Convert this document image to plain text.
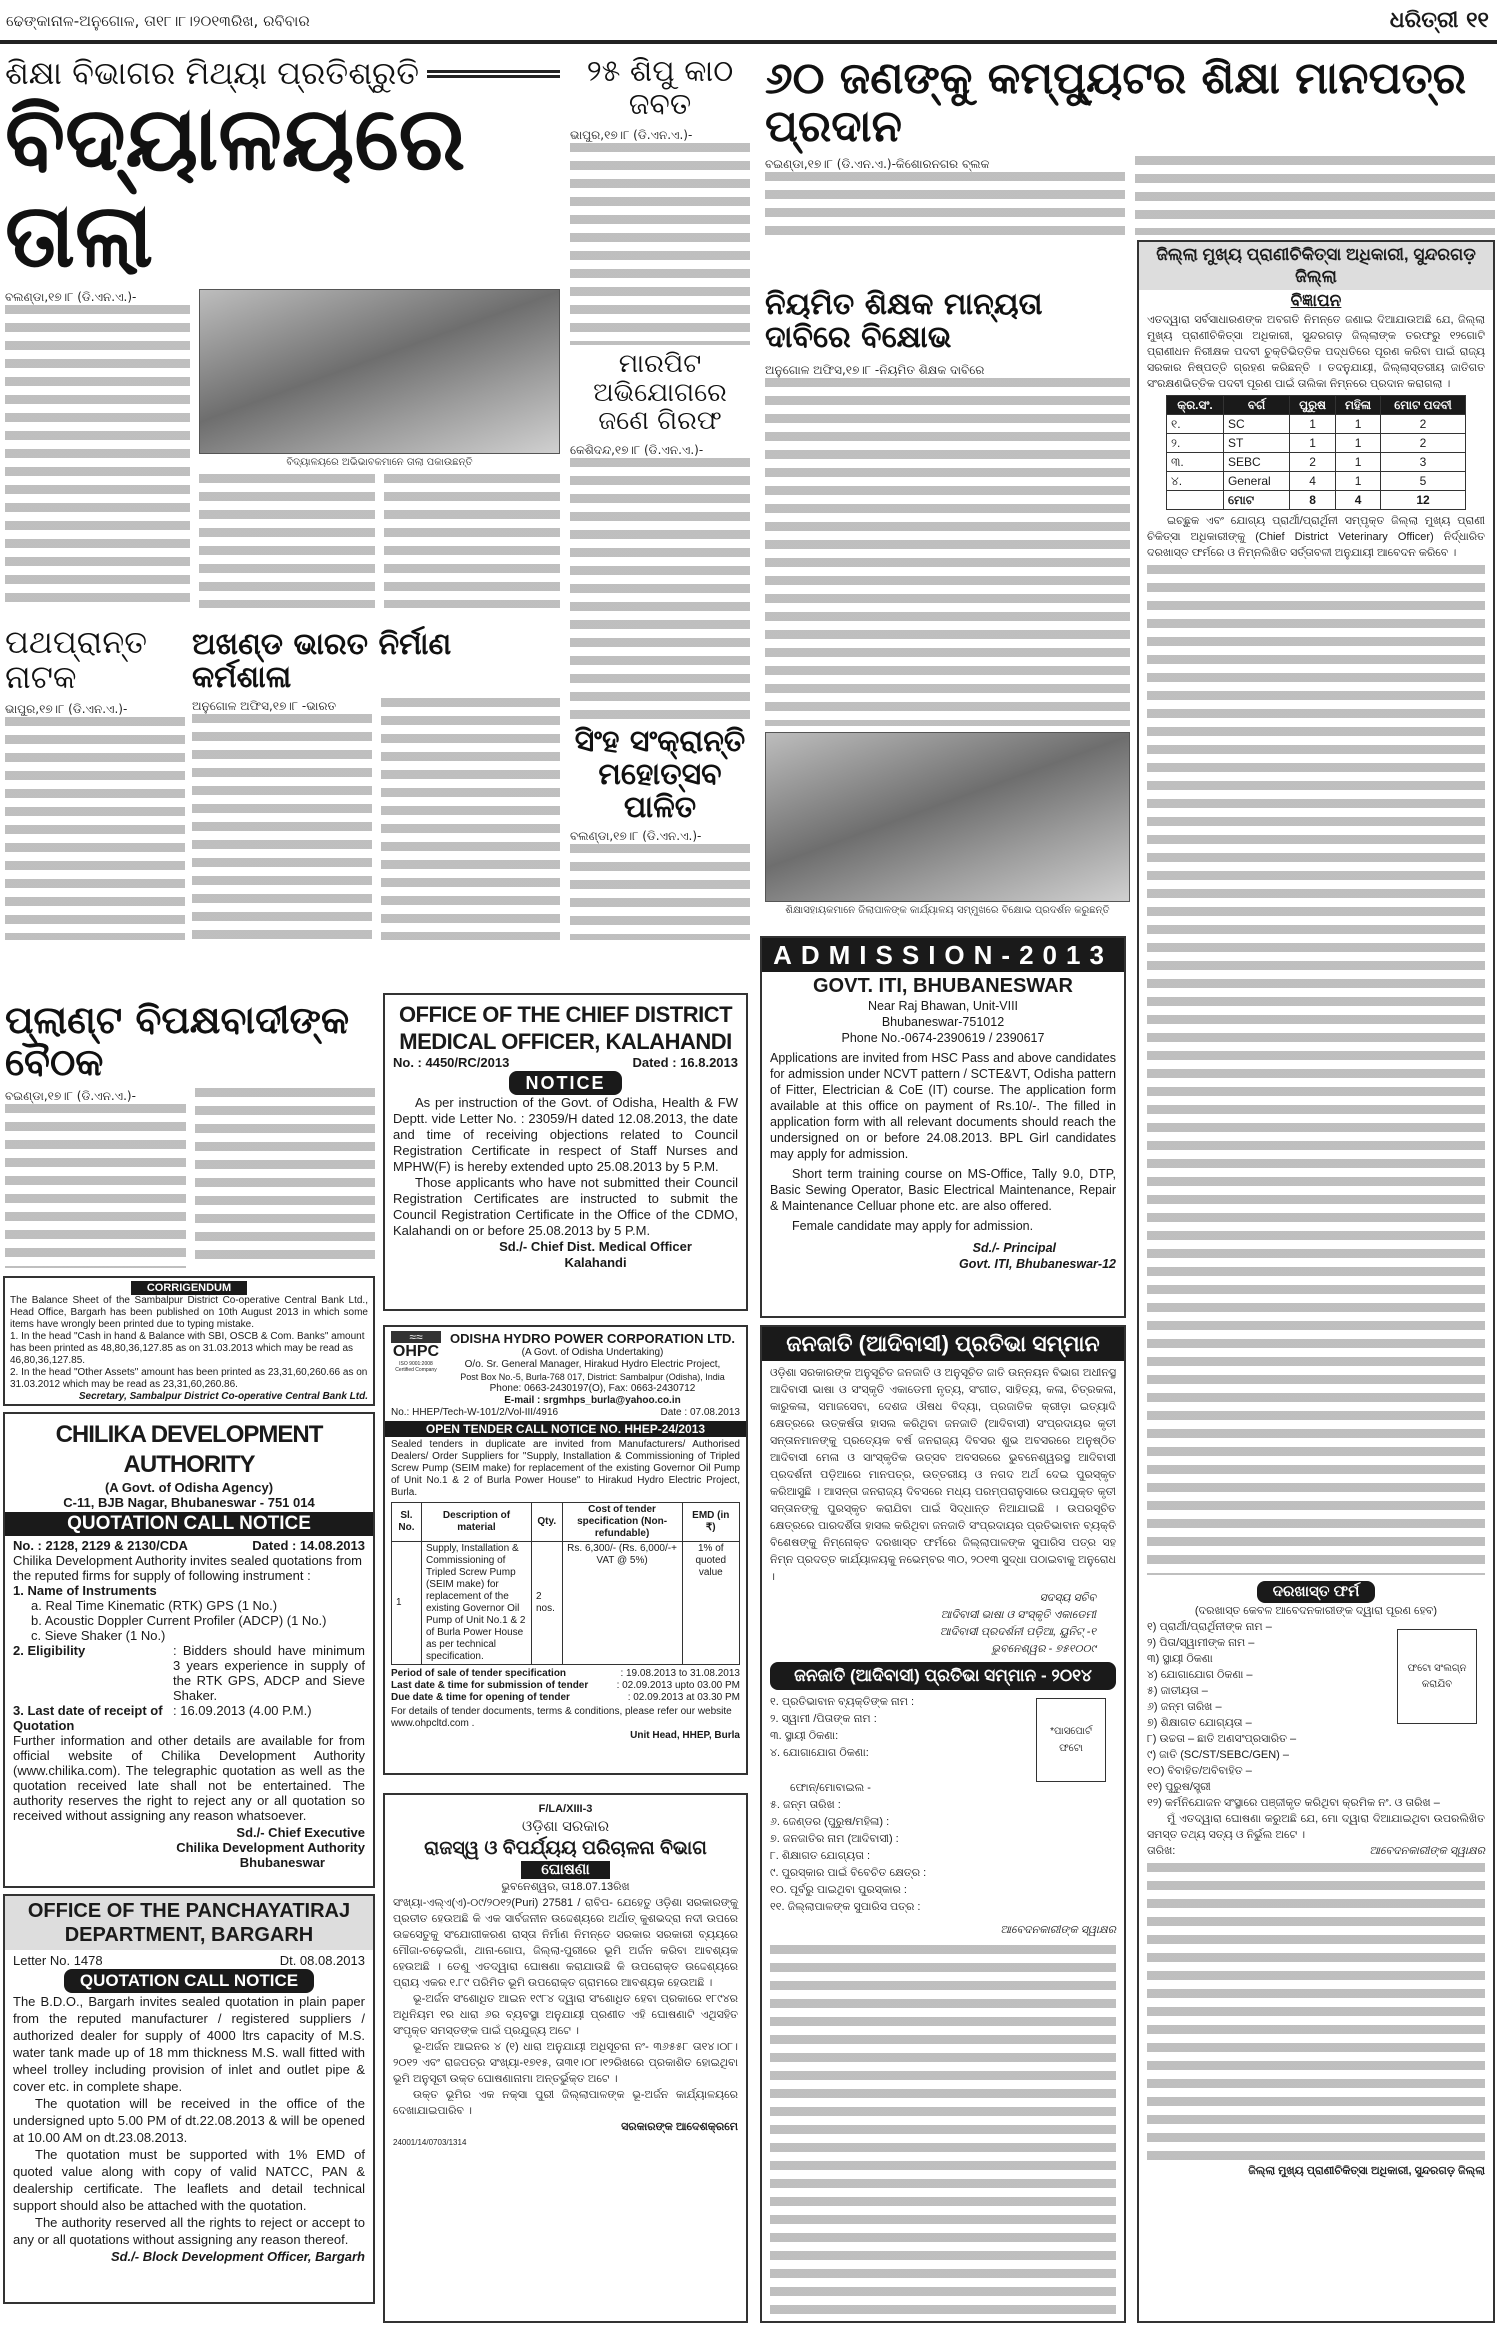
ଢେଙ୍କାନାଳ-ଅନୁଗୋଳ, ତା୧୮।୮।୨୦୧୩ରିଖ, ରବିବାର	ଧରିତ୍ରୀ ୧୧
ଶିକ୍ଷା ବିଭାଗର ମିଥ୍ୟା ପ୍ରତିଶ୍ରୁତି
ବିଦ୍ୟାଳୟରେ ତାଲା
ବଲଣ୍ଡା,୧୭।୮ (ଡି.ଏନ.ଏ.)-
ବିଦ୍ୟାଳୟରେ ଅଭିଭାବକମାନେ ତାଲା ପକାଉଛନ୍ତି
୨୫ ଶିପୁ କାଠ ଜବତ
ଭାପୁର,୧୭।୮ (ଡି.ଏନ.ଏ.)-
ମାରପିଟ ଅଭିଯୋଗରେ ଜଣେ ଗିରଫ
କେଶିଦନ୍ଦ,୧୭।୮ (ଡି.ଏନ.ଏ.)-
ପଥପ୍ରାନ୍ତ ନାଟକ
ଭାପୁର,୧୭।୮ (ଡି.ଏନ.ଏ.)-
ଅଖଣ୍ଡ ଭାରତ ନିର୍ମାଣ କର୍ମଶାଳା
ଅନୁଗୋଳ ଅଫିସ,୧୭।୮ -ଭାରତ
ସିଂହ ସଂକ୍ରାନ୍ତି ମହୋତ୍ସବ ପାଳିତ
ବଲଣ୍ଡା,୧୭।୮ (ଡି.ଏନ.ଏ.)-
ପ୍ଲାଣ୍ଟ ବିପକ୍ଷବାଦୀଙ୍କ ବୈଠକ
ବଇଣ୍ଡା,୧୭।୮ (ଡି.ଏନ.ଏ.)-
CORRIGENDUM
The Balance Sheet of the Sambalpur District Co-operative Central Bank Ltd., Head Office, Bargarh has been published on 10th August 2013 in which some items have wrongly been printed due to typing mistake.
1. In the head "Cash in hand & Balance with SBI, OSCB & Com. Banks" amount has been printed as 48,80,36,127.85 as on 31.03.2013 which may be read as 46,80,36,127.85.
2. In the head "Other Assets" amount has been printed as 23,31,60,260.66 as on 31.03.2012 which may be read as 23,31,60,260.86.
Secretary, Sambalpur District Co-operative Central Bank Ltd.
CHILIKA DEVELOPMENT AUTHORITY
(A Govt. of Odisha Agency)
C-11, BJB Nagar, Bhubaneswar - 751 014
QUOTATION CALL NOTICE
No. : 2128, 2129 & 2130/CDA	Dated : 14.08.2013
Chilika Development Authority invites sealed quotations from the reputed firms for supply of following instrument :
1. Name of Instruments
a. Real Time Kinematic (RTK) GPS (1 No.)
b. Acoustic Doppler Current Profiler (ADCP) (1 No.)
c. Sieve Shaker (1 No.)
2. Eligibility	: Bidders should have minimum 3 years experience in supply of the RTK GPS, ADCP and Sieve Shaker.
3. Last date of receipt of Quotation
: 16.09.2013 (4.00 P.M.)
Further information and other details are available for from official website of Chilika Development Authority (www.chilika.com). The telegraphic quotation as well as the quotation received late shall not be entertained. The authority reserves the right to reject any or all quotation so received without assigning any reason whatsoever.
Sd./- Chief Executive
Chilika Development Authority
Bhubaneswar
OFFICE OF THE PANCHAYATIRAJ DEPARTMENT, BARGARH
Letter No. 1478	Dt. 08.08.2013
QUOTATION CALL NOTICE
The B.D.O., Bargarh invites sealed quotation in plain paper from the reputed manufacturer / registered suppliers / authorized dealer for supply of 4000 ltrs capacity of M.S. water tank made up of 18 mm thickness M.S. wall fitted with wheel trolley including provision of inlet and outlet pipe & cover etc. in complete shape.
The quotation will be received in the office of the undersigned upto 5.00 PM of dt.22.08.2013 & will be opened at 10.00 AM on dt.23.08.2013.
The quotation must be supported with 1% EMD of quoted value along with copy of valid NATCC, PAN & dealership certificate. The leaflets and detail technical support should also be attached with the quotation.
The authority reserved all the rights to reject or accept to any or all quotations without assigning any reason thereof.
Sd./- Block Development Officer, Bargarh
OFFICE OF THE CHIEF DISTRICT MEDICAL OFFICER, KALAHANDI
No. : 4450/RC/2013	Dated : 16.8.2013
NOTICE
As per instruction of the Govt. of Odisha, Health & FW Deptt. vide Letter No. : 23059/H dated 12.08.2013, the date and time of receiving objections related to Council Registration Certificate in respect of Staff Nurses and MPHW(F) is hereby extended upto 25.08.2013 by 5 P.M.
Those applicants who have not submitted their Council Registration Certificates are instructed to submit the Council Registration Certificate in the Office of the CDMO, Kalahandi on or before 25.08.2013 by 5 P.M.
Sd./- Chief Dist. Medical Officer
Kalahandi
≈≈
OHPC
ISO 9001:2008 Certified Company
ODISHA HYDRO POWER CORPORATION LTD.
(A Govt. of Odisha Undertaking)
O/o. Sr. General Manager, Hirakud Hydro Electric Project,
Post Box No.-5, Burla-768 017, District: Sambalpur (Odisha), India
Phone: 0663-2430197(O), Fax: 0663-2430712
E-mail : srgmhps_burla@yahoo.co.in
No.: HHEP/Tech-W-101/2/Vol-III/4916	Date : 07.08.2013
OPEN TENDER CALL NOTICE NO. HHEP-24/2013
Sealed tenders in duplicate are invited from Manufacturers/ Authorised Dealers/ Order Suppliers for "Supply, Installation & Commissioning of Tripled Screw Pump (SEIM make) for replacement of the existing Governor Oil Pump of Unit No.1 & 2 of Burla Power House" to Hirakud Hydro Electric Project, Burla.
Sl. No.	Description of material	Qty.	Cost of tender specification (Non-refundable)	EMD (in ₹)
1	Supply, Installation & Commissioning of Tripled Screw Pump (SEIM make) for replacement of the existing Governor Oil Pump of Unit No.1 & 2 of Burla Power House as per technical specification.	2 nos.	Rs. 6,300/- (Rs. 6,000/-+ VAT @ 5%)	1% of quoted value
Period of sale of tender specification	: 19.08.2013 to 31.08.2013
Last date & time for submission of tender	: 02.09.2013 upto 03.00 PM
Due date & time for opening of tender	: 02.09.2013 at 03.30 PM
For details of tender documents, terms & conditions, please refer our website www.ohpcltd.com .
Unit Head, HHEP, Burla
F/LA/XIII-3
ଓଡ଼ିଶା ସରକାର
ରାଜସ୍ୱ ଓ ବିପର୍ଯ୍ୟୟ ପରିଚାଳନା ବିଭାଗ
ଘୋଷଣା
ଭୁବନେଶ୍ୱର, ତା18.07.13ରିଖ
ସଂଖ୍ୟା-ଏଲ୍ଏ(ଏ)-୦୯/୨୦୧୨(Puri) 27581 / ରାବିପ- ଯେହେତୁ ଓଡ଼ିଶା ସରକାରଙ୍କୁ ପ୍ରତୀତ ହେଉଅଛି କି ଏକ ସାର୍ବଜନୀନ ଉଦ୍ଦେଶ୍ୟରେ ଅର୍ଥାତ୍ କୁଶଭଦ୍ରା ନଦୀ ଉପରେ ଉଚ୍ଚସେତୁକୁ ସଂଯୋଗୀକରଣ ରାସ୍ତା ନିର୍ମାଣ ନିମନ୍ତେ ସରକାର ସରକାରୀ ବ୍ୟୟରେ ମୌଜା-ଚଢ଼େଇଗାଁ, ଥାନା-ଗୋପ, ଜିଲ୍ଲା-ପୁରୀରେ ଭୂମି ଅର୍ଜନ କରିବା ଆବଶ୍ୟକ ହେଉଅଛି । ତେଣୁ ଏତଦ୍ୱାରା ଘୋଷଣା କରାଯାଉଛି କି ଉପରୋକ୍ତ ଉଦ୍ଦେଶ୍ୟରେ ପ୍ରାୟ ଏକର ୧.୮୯ ପରିମିତ ଭୂମି ଉପରୋକ୍ତ ଗ୍ରାମରେ ଆବଶ୍ୟକ ହେଉଅଛି ।
ଭୂ-ଅର୍ଜନ ସଂଶୋଧିତ ଆଇନ ୧୯୮୪ ଦ୍ୱାରା ସଂଶୋଧିତ ହେବା ପ୍ରକାରେ ୧୮୯୪ର ଅଧିନିୟମ ୧ର ଧାରା ୬ର ବ୍ୟବସ୍ଥା ଅନୁଯାୟୀ ପ୍ରଣୀତ ଏହି ଘୋଷଣାଟି ଏଥିସହିତ ସଂପୃକ୍ତ ସମସ୍ତଙ୍କ ପାଇଁ ପ୍ରଯୁଜ୍ୟ ଅଟେ ।
ଭୂ-ଅର୍ଜନ ଆଇନର ୪ (୧) ଧାରା ଅନୁଯାୟୀ ଅଧିସୂଚନା ନଂ- ୩୬୫୫୮ ତା୧୪।୦୮।୨୦୧୨ ଏବଂ ରାଜପତ୍ର ସଂଖ୍ୟା-୧୭୧୫, ତା୩୧।୦୮।୧୨ରିଖରେ ପ୍ରକାଶିତ ହୋଇଥିବା ଭୂମି ଅନୁସୂଚୀ ଉକ୍ତ ଘୋଷଣାନାମା ଅନ୍ତର୍ଭୁକ୍ତ ଅଟେ ।
ଉକ୍ତ ଭୂମିର ଏକ ନକ୍ସା ପୁରୀ ଜିଲ୍ଲାପାଳଙ୍କ ଭୂ-ଅର୍ଜନ କାର୍ଯ୍ୟାଳୟରେ ଦେଖାଯାଇପାରିବ ।
ସରକାରଙ୍କ ଆଦେଶକ୍ରମେ
24001/14/0703/1314
୬୦ ଜଣଙ୍କୁ କମ୍ପ୍ୟୁଟର ଶିକ୍ଷା ମାନପତ୍ର ପ୍ରଦାନ
ବଇଣ୍ଡା,୧୭।୮ (ଡି.ଏନ.ଏ.)-କିଶୋରନଗର ବ୍ଲକ
ନିୟମିତ ଶିକ୍ଷକ ମାନ୍ୟତା ଦାବିରେ ବିକ୍ଷୋଭ
ଅନୁଗୋଳ ଅଫିସ,୧୭।୮ -ନିୟମିତ ଶିକ୍ଷକ ଦାବିରେ
ଶିକ୍ଷାସହାୟକମାନେ ଜିଲାପାଳଙ୍କ କାର୍ଯ୍ୟାଳୟ ସମ୍ମୁଖରେ ବିକ୍ଷୋଭ ପ୍ରଦର୍ଶନ କରୁଛନ୍ତି
ADMISSION-2013
GOVT. ITI, BHUBANESWAR
Near Raj Bhawan, Unit-VIII
Bhubaneswar-751012
Phone No.-0674-2390619 / 2390617
Applications are invited from HSC Pass and above candidates for admission under NCVT pattern / SCTE&VT, Odisha pattern of Fitter, Electrician & CoE (IT) course. The application form available at this office on payment of Rs.10/-. The filled in application form with all relevant documents should reach the undersigned on or before 24.08.2013. BPL Girl candidates may apply for admission.
Short term training course on MS-Office, Tally 9.0, DTP, Basic Sewing Operator, Basic Electrical Maintenance, Repair & Maintenance Celluar phone etc. are also offered.
Female candidate may apply for admission.
Sd./- Principal
Govt. ITI, Bhubaneswar-12
ଜନଜାତି (ଆଦିବାସୀ) ପ୍ରତିଭା ସମ୍ମାନ
ଓଡ଼ିଶା ସରକାରଙ୍କ ଅନୁସୂଚିତ ଜନଜାତି ଓ ଅନୁସୂଚିତ ଜାତି ଉନ୍ନୟନ ବିଭାଗ ଅଧୀନସ୍ଥ ଆଦିବାସୀ ଭାଷା ଓ ସଂସ୍କୃତି ଏକାଡେମୀ ନୃତ୍ୟ, ସଂଗୀତ, ସାହିତ୍ୟ, କଳା, ଚିତ୍ରକଳା, କାରୁକଳା, ସମାଜସେବା, ଦେଶଜ ଔଷଧ ବିଦ୍ୟା, ପ୍ରଜାତିକ କ୍ରୀଡ଼ା ଇତ୍ୟାଦି କ୍ଷେତ୍ରରେ ଉତ୍କର୍ଷତା ହାସଲ କରିଥିବା ଜନଜାତି (ଆଦିବାସୀ) ସଂପ୍ରଦାୟର କୃତୀ ସନ୍ତାନମାନଙ୍କୁ ପ୍ରତ୍ୟେକ ବର୍ଷ ଜନରାଜ୍ୟ ଦିବସର ଶୁଭ ଅବସରରେ ଅନୁଷ୍ଠିତ ଆଦିବାସୀ ମେଳା ଓ ସାଂସ୍କୃତିକ ଉତ୍ସବ ଅବସରରେ ଭୁବନେଶ୍ୱରସ୍ଥ ଆଦିବାସୀ ପ୍ରଦର୍ଶନୀ ପଡ଼ିଆରେ ମାନପତ୍ର, ଉତ୍ତରୀୟ ଓ ନଗଦ ଅର୍ଥ ଦେଇ ପୁରସ୍କୃତ କରିଆସୁଛି । ଆସନ୍ତା ଜନରାଜ୍ୟ ଦିବସରେ ମଧ୍ୟ ପରମ୍ପରାନୁସାରେ ଉପଯୁକ୍ତ କୃତୀ ସନ୍ତାନଙ୍କୁ ପୁରସ୍କୃତ କରାଯିବା ପାଇଁ ସିଦ୍ଧାନ୍ତ ନିଆଯାଇଛି । ଉପରସୂଚିତ କ୍ଷେତ୍ରରେ ପାରଦର୍ଶିତା ହାସଲ କରିଥିବା ଜନଜାତି ସଂପ୍ରଦାୟର ପ୍ରତିଭାବାନ ବ୍ୟକ୍ତି ବିଶେଷଙ୍କୁ ନିମ୍ନୋକ୍ତ ଦରଖାସ୍ତ ଫର୍ମରେ ଜିଲ୍ଲାପାଳଙ୍କ ସୁପାରିସ ପତ୍ର ସହ ନିମ୍ନ ପ୍ରଦତ୍ତ କାର୍ଯ୍ୟାଳୟକୁ ନଭେମ୍ବର ୩୦, ୨୦୧୩ ସୁଦ୍ଧା ପଠାଇବାକୁ ଅନୁରୋଧ ।
ସଦସ୍ୟ ସଚିବ
ଆଦିବାସୀ ଭାଷା ଓ ସଂସ୍କୃତି ଏକାଡେମୀ
ଆଦିବାସୀ ପ୍ରଦର୍ଶନୀ ପଡ଼ିଆ, ୟୁନିଟ୍ -୧
ଭୁବନେଶ୍ୱର - ୭୫୧୦୦୯
ଜନଜାତି (ଆଦିବାସୀ) ପ୍ରତିଭା ସମ୍ମାନ - ୨୦୧୪
*ପାସପୋର୍ଟ ଫଟୋ
୧. ପ୍ରତିଭାବାନ ବ୍ୟକ୍ତିଙ୍କ ନାମ :
୨. ସ୍ୱାମୀ /ପିତାଙ୍କ ନାମ :
୩. ସ୍ଥାୟୀ ଠିକଣା:
୪. ଯୋଗାଯୋଗ ଠିକଣା:
ଫୋନ୍/ମୋବାଇଲ -
୫. ଜନ୍ମ ତାରିଖ :
୬. ଜେଣ୍ଡର (ପୁରୁଷ/ମହିଳା) :
୭. ଜନଜାତିର ନାମ (ଆଦିବାସୀ) :
୮. ଶିକ୍ଷାଗତ ଯୋଗ୍ୟତା :
୯. ପୁରସ୍କାର ପାଇଁ ବିବେଚିତ କ୍ଷେତ୍ର :
୧୦. ପୂର୍ବରୁ ପାଇଥିବା ପୁରସ୍କାର :
୧୧. ଜିଲ୍ଲାପାଳଙ୍କ ସୁପାରିସ ପତ୍ର :
ଆବେଦନକାରୀଙ୍କ ସ୍ୱାକ୍ଷର
ଜିଲ୍ଲା ମୁଖ୍ୟ ପ୍ରାଣୀଚିକିତ୍ସା ଅଧିକାରୀ, ସୁନ୍ଦରଗଡ଼ ଜିଲ୍ଲା
ବିଜ୍ଞାପନ
ଏତଦ୍ୱାରା ସର୍ବସାଧାରଣଙ୍କ ଅବଗତି ନିମନ୍ତେ ଜଣାଇ ଦିଆଯାଉଅଛି ଯେ, ଜିଲ୍ଲା ମୁଖ୍ୟ ପ୍ରାଣୀଚିକିତ୍ସା ଅଧିକାରୀ, ସୁନ୍ଦରଗଡ଼ ଜିଲ୍ଲାଙ୍କ ତରଫରୁ ୧୨ଗୋଟି ପ୍ରାଣୀଧନ ନିରୀକ୍ଷକ ପଦବୀ ଚୁକ୍ତିଭିତ୍ତିକ ପଦ୍ଧତିରେ ପୂରଣ କରିବା ପାଇଁ ରାଜ୍ୟ ସରକାର ନିଷ୍ପତ୍ତି ଗ୍ରହଣ କରିଛନ୍ତି । ତଦନୁଯାୟୀ, ଜିଲ୍ଲାସ୍ତରୀୟ ଜାତିଗତ ସଂରକ୍ଷଣଭିତ୍ତିକ ପଦବୀ ପୂରଣ ପାଇଁ ତାଲିକା ନିମ୍ନରେ ପ୍ରଦାନ କରାଗଲା ।
କ୍ର.ସଂ.	ବର୍ଗ	ପୁରୁଷ	ମହିଳା	ମୋଟ ପଦବୀ
୧.	SC	1	1	2
୨.	ST	1	1	2
୩.	SEBC	2	1	3
୪.	General	4	1	5
	ମୋଟ	8	4	12
ଇଚ୍ଛୁକ ଏବଂ ଯୋଗ୍ୟ ପ୍ରାର୍ଥୀ/ପ୍ରାର୍ଥିନୀ ସମ୍ପୃକ୍ତ ଜିଲ୍ଲା ମୁଖ୍ୟ ପ୍ରାଣୀ ଚିକିତ୍ସା ଅଧିକାରୀଙ୍କୁ (Chief District Veterinary Officer) ନିର୍ଦ୍ଧାରିତ ଦରଖାସ୍ତ ଫର୍ମରେ ଓ ନିମ୍ନଲିଖିତ ସର୍ତ୍ତାବଳୀ ଅନୁଯାୟୀ ଆବେଦନ କରିବେ ।
ଦରଖାସ୍ତ ଫର୍ମ
(ଦରଖାସ୍ତ କେବଳ ଆବେଦନକାରୀଙ୍କ ଦ୍ୱାରା ପୂରଣ ହେବ)
ଫଟୋ ସଂଲଗ୍ନ କରାଯିବ
୧) ପ୍ରାର୍ଥୀ/ପ୍ରାର୍ଥିନୀଙ୍କ ନାମ –
୨) ପିତା/ସ୍ୱାମୀଙ୍କ ନାମ –
୩) ସ୍ଥାୟୀ ଠିକଣା
୪) ଯୋଗାଯୋଗ ଠିକଣା –
୫) ଜାତୀୟତା –
୬) ଜନ୍ମ ତାରିଖ –
୭) ଶିକ୍ଷାଗତ ଯୋଗ୍ୟତା –
୮) ଉଚ୍ଚତା – ଛାତି ଅଣସଂପ୍ରସାରିତ –
୯) ଜାତି (SC/ST/SEBC/GEN) –
୧୦) ବିବାହିତ/ଅବିବାହିତ –
୧୧) ପୁରୁଷ/ସ୍ତ୍ରୀ
୧୨) କର୍ମନିଯୋଜନ ସଂସ୍ଥାରେ ପଞ୍ଜୀକୃତ କରିଥିବା କ୍ରମିକ ନଂ. ଓ ତାରିଖ –
ମୁଁ ଏତଦ୍ୱାରା ଘୋଷଣା କରୁଅଛି ଯେ, ମୋ ଦ୍ୱାରା ଦିଆଯାଇଥିବା ଉପରଲିଖିତ ସମସ୍ତ ତଥ୍ୟ ସତ୍ୟ ଓ ନିର୍ଭୁଲ ଅଟେ ।
ତାରିଖ:	ଆବେଦନକାରୀଙ୍କ ସ୍ୱାକ୍ଷର
ଜିଲ୍ଲା ମୁଖ୍ୟ ପ୍ରାଣୀଚିକିତ୍ସା ଅଧିକାରୀ, ସୁନ୍ଦରଗଡ଼ ଜିଲ୍ଲା
